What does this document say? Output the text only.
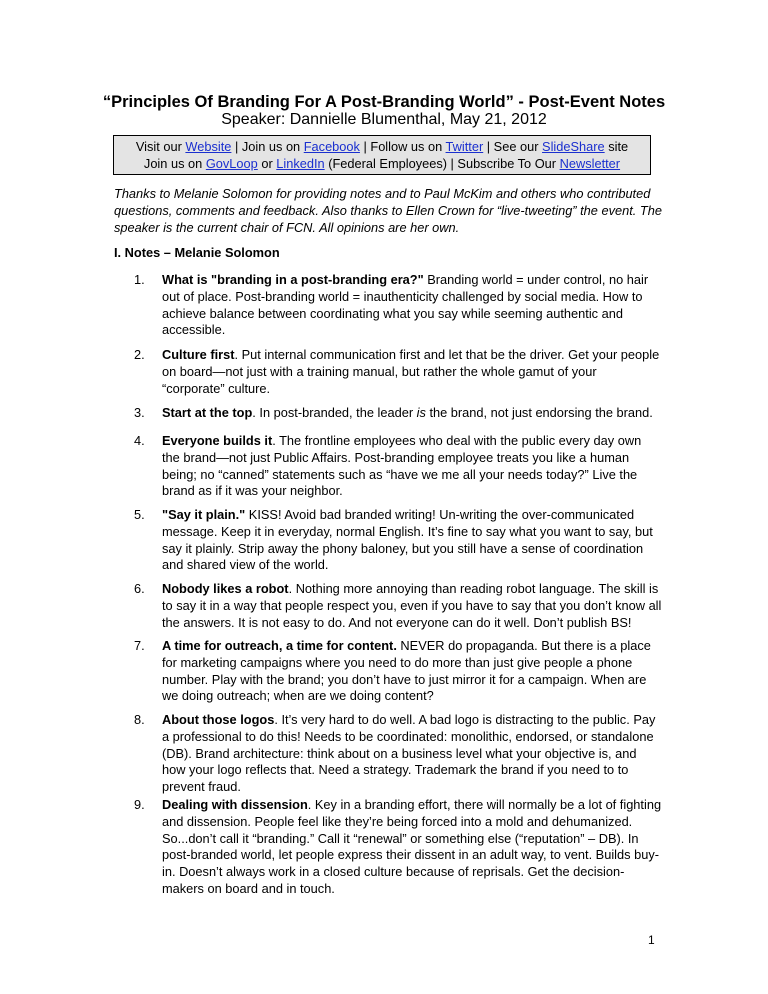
“Principles Of Branding For A Post-Branding World” - Post-Event Notes
Speaker: Dannielle Blumenthal, May 21, 2012
Visit our Website | Join us on Facebook | Follow us on Twitter | See our SlideShare site
Join us on GovLoop or LinkedIn (Federal Employees) | Subscribe To Our Newsletter
Thanks to Melanie Solomon for providing notes and to Paul McKim and others who contributed questions, comments and feedback. Also thanks to Ellen Crown for “live-tweeting” the event. The speaker is the current chair of FCN. All opinions are her own.
I. Notes – Melanie Solomon
1. What is "branding in a post-branding era?" Branding world = under control, no hair out of place. Post-branding world = inauthenticity challenged by social media. How to achieve balance between coordinating what you say while seeming authentic and accessible.
2. Culture first. Put internal communication first and let that be the driver. Get your people on board—not just with a training manual, but rather the whole gamut of your “corporate” culture.
3. Start at the top. In post-branded, the leader is the brand, not just endorsing the brand.
4. Everyone builds it. The frontline employees who deal with the public every day own the brand—not just Public Affairs. Post-branding employee treats you like a human being; no “canned” statements such as “have we me all your needs today?” Live the brand as if it was your neighbor.
5. "Say it plain." KISS! Avoid bad branded writing! Un-writing the over-communicated message. Keep it in everyday, normal English. It’s fine to say what you want to say, but say it plainly. Strip away the phony baloney, but you still have a sense of coordination and shared view of the world.
6. Nobody likes a robot. Nothing more annoying than reading robot language. The skill is to say it in a way that people respect you, even if you have to say that you don’t know all the answers. It is not easy to do. And not everyone can do it well. Don’t publish BS!
7. A time for outreach, a time for content. NEVER do propaganda. But there is a place for marketing campaigns where you need to do more than just give people a phone number. Play with the brand; you don’t have to just mirror it for a campaign. When are we doing outreach; when are we doing content?
8. About those logos. It’s very hard to do well. A bad logo is distracting to the public. Pay a professional to do this! Needs to be coordinated: monolithic, endorsed, or standalone (DB). Brand architecture: think about on a business level what your objective is, and how your logo reflects that. Need a strategy. Trademark the brand if you need to to prevent fraud.
9. Dealing with dissension. Key in a branding effort, there will normally be a lot of fighting and dissension. People feel like they’re being forced into a mold and dehumanized. So...don’t call it “branding.” Call it “renewal” or something else (“reputation” – DB). In post-branded world, let people express their dissent in an adult way, to vent. Builds buy-in. Doesn’t always work in a closed culture because of reprisals. Get the decision-makers on board and in touch.
1
